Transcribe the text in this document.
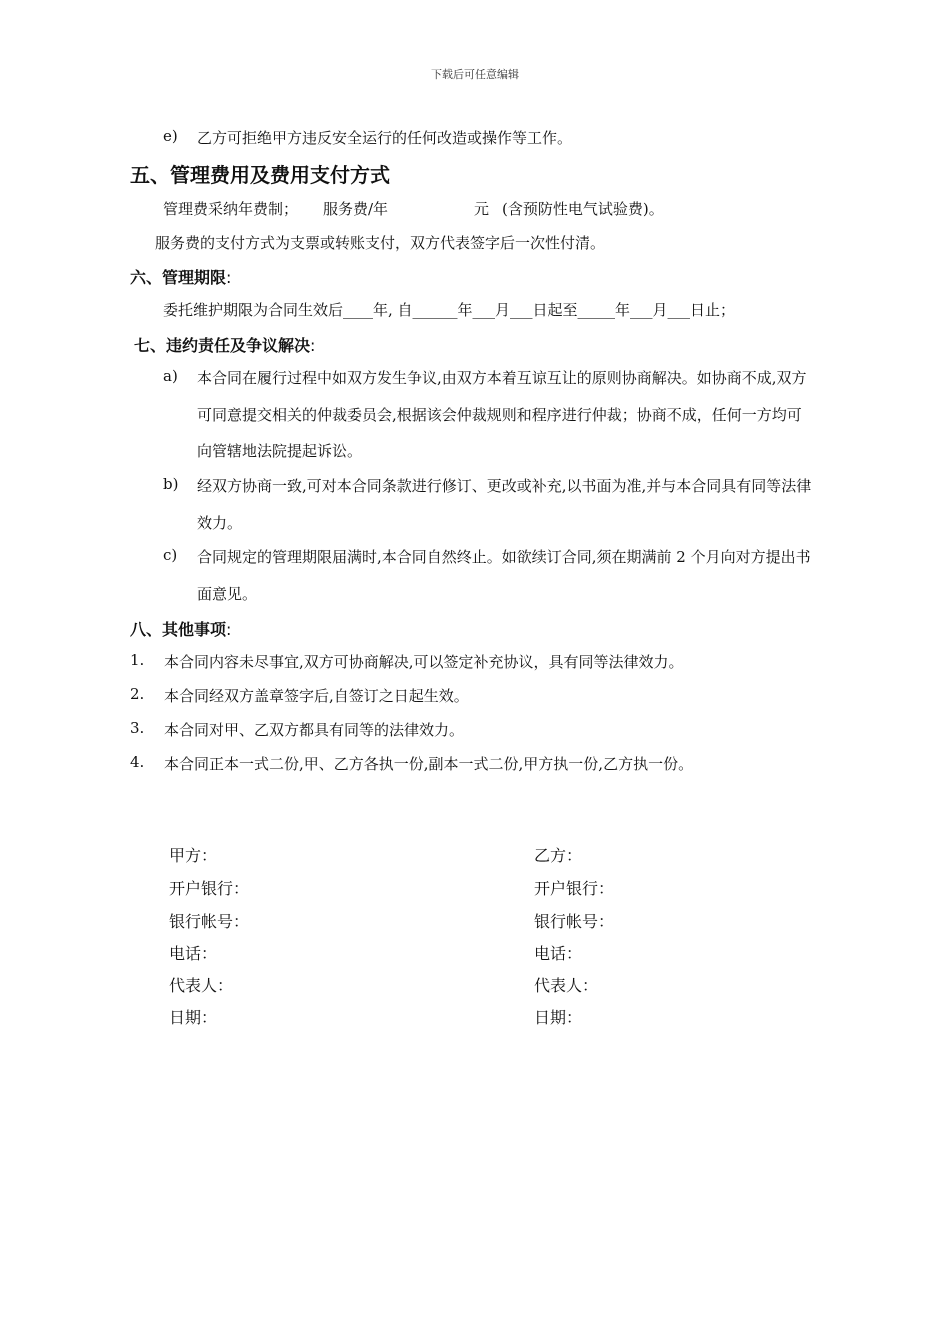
下载后可任意编辑
e) 乙方可拒绝甲方违反安全运行的任何改造或操作等工作。
五、管理费用及费用支付方式
管理费采纳年费制； 服务费/年	元 (含预防性电气试验费)。
服务费的支付方式为支票或转账支付，双方代表签字后一次性付清。
六、管理期限:
委托维护期限为合同生效后____年, 自______年___月___日起至_____年___月___日止；
七、违约责任及争议解决:
a) 本合同在履行过程中如双方发生争议,由双方本着互谅互让的原则协商解决。如协商不成,双方
可同意提交相关的仲裁委员会,根据该会仲裁规则和程序进行仲裁；协商不成，任何一方均可
向管辖地法院提起诉讼。
b) 经双方协商一致,可对本合同条款进行修订、更改或补充,以书面为准,并与本合同具有同等法律
效力。
c) 合同规定的管理期限届满时,本合同自然终止。如欲续订合同,须在期满前 2 个月向对方提出书
面意见。
八、其他事项:
1. 本合同内容未尽事宜,双方可协商解决,可以签定补充协议，具有同等法律效力。
2. 本合同经双方盖章签字后,自签订之日起生效。
3. 本合同对甲、乙双方都具有同等的法律效力。
4. 本合同正本一式二份,甲、乙方各执一份,副本一式二份,甲方执一份,乙方执一份。
甲方：
开户银行：
银行帐号：
电话：
代表人：
日期：
乙方：
开户银行：
银行帐号：
电话：
代表人：
日期：
